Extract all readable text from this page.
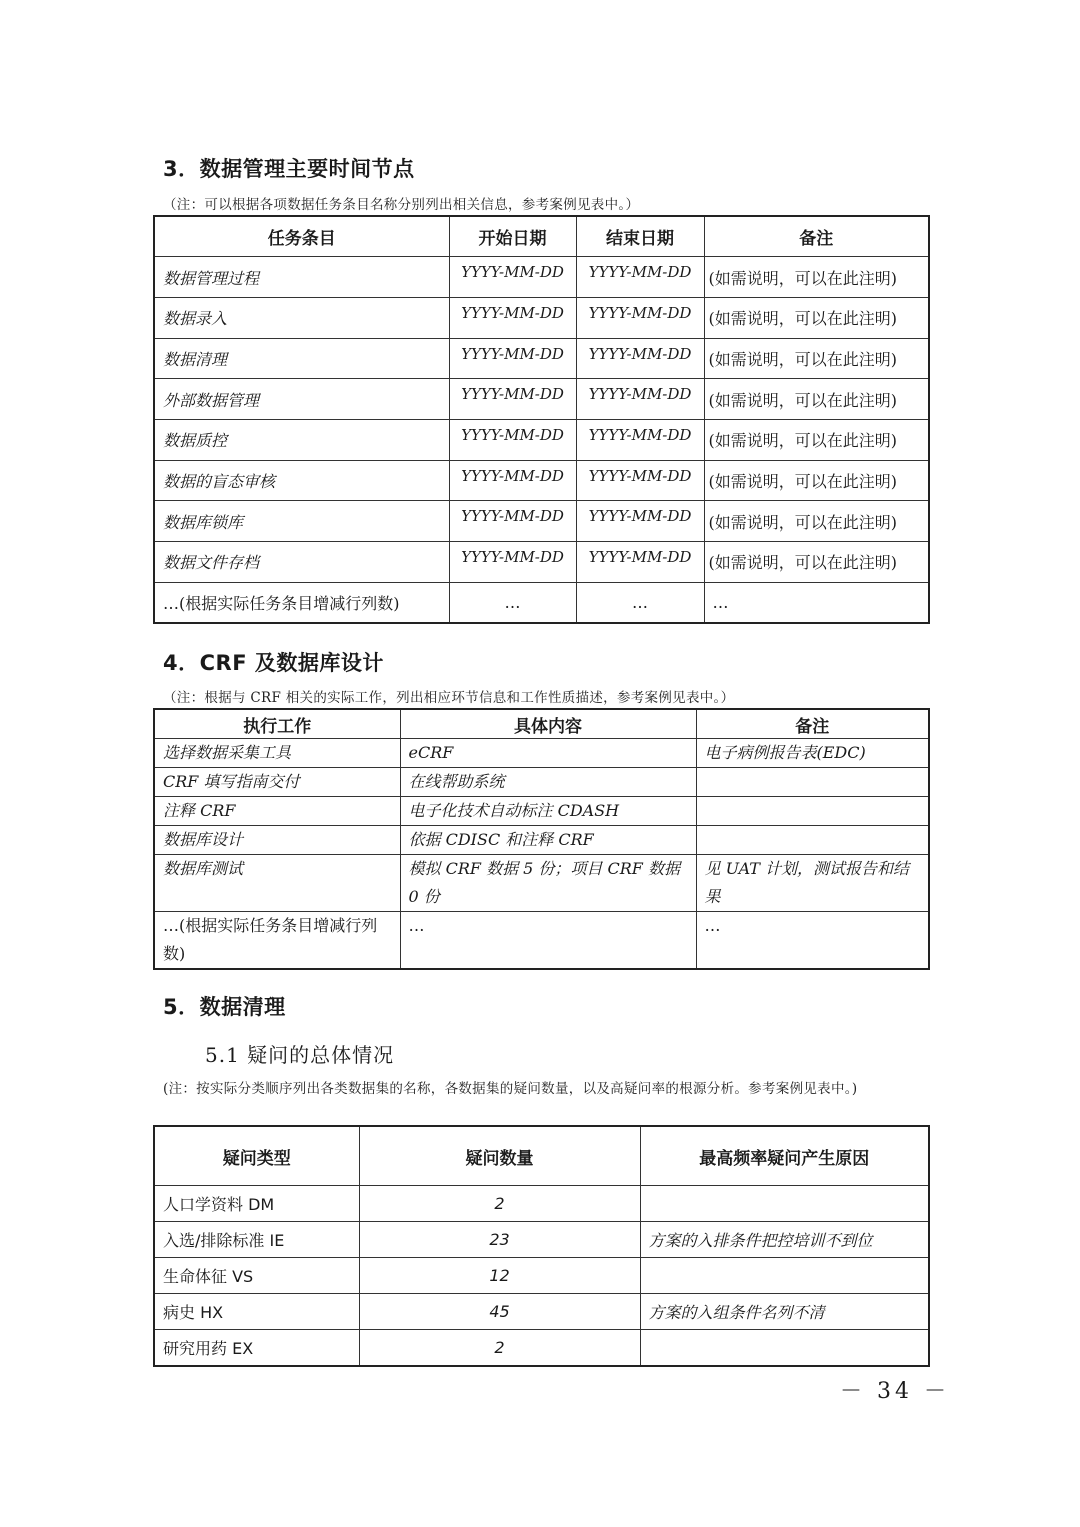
3．数据管理主要时间节点
（注：可以根据各项数据任务条目名称分别列出相关信息，参考案例见表中。）
任务条目	开始日期	结束日期	备注
数据管理过程	YYYY-MM-DD	YYYY-MM-DD	(如需说明，可以在此注明)
数据录入	YYYY-MM-DD	YYYY-MM-DD	(如需说明，可以在此注明)
数据清理	YYYY-MM-DD	YYYY-MM-DD	(如需说明，可以在此注明)
外部数据管理	YYYY-MM-DD	YYYY-MM-DD	(如需说明，可以在此注明)
数据质控	YYYY-MM-DD	YYYY-MM-DD	(如需说明，可以在此注明)
数据的盲态审核	YYYY-MM-DD	YYYY-MM-DD	(如需说明，可以在此注明)
数据库锁库	YYYY-MM-DD	YYYY-MM-DD	(如需说明，可以在此注明)
数据文件存档	YYYY-MM-DD	YYYY-MM-DD	(如需说明，可以在此注明)
…(根据实际任务条目增减行列数)	…	…	…
4．CRF 及数据库设计
（注：根据与 CRF 相关的实际工作，列出相应环节信息和工作性质描述，参考案例见表中。）
执行工作	具体内容	备注
选择数据采集工具	eCRF	电子病例报告表(EDC)
CRF 填写指南交付	在线帮助系统	
注释 CRF	电子化技术自动标注 CDASH	
数据库设计	依据 CDISC 和注释 CRF	
数据库测试	模拟 CRF 数据 5 份；项目 CRF 数据 0 份	见 UAT 计划，测试报告和结果
…(根据实际任务条目增减行列数)	…	…
5．数据清理
5.1 疑问的总体情况
(注：按实际分类顺序列出各类数据集的名称，各数据集的疑问数量，以及高疑问率的根源分析。参考案例见表中。)
疑问类型	疑问数量	最高频率疑问产生原因
人口学资料 DM	2	
入选/排除标准 IE	23	方案的入排条件把控培训不到位
生命体征 VS	12	
病史 HX	45	方案的入组条件名列不清
研究用药 EX	2	
－ 34 －
